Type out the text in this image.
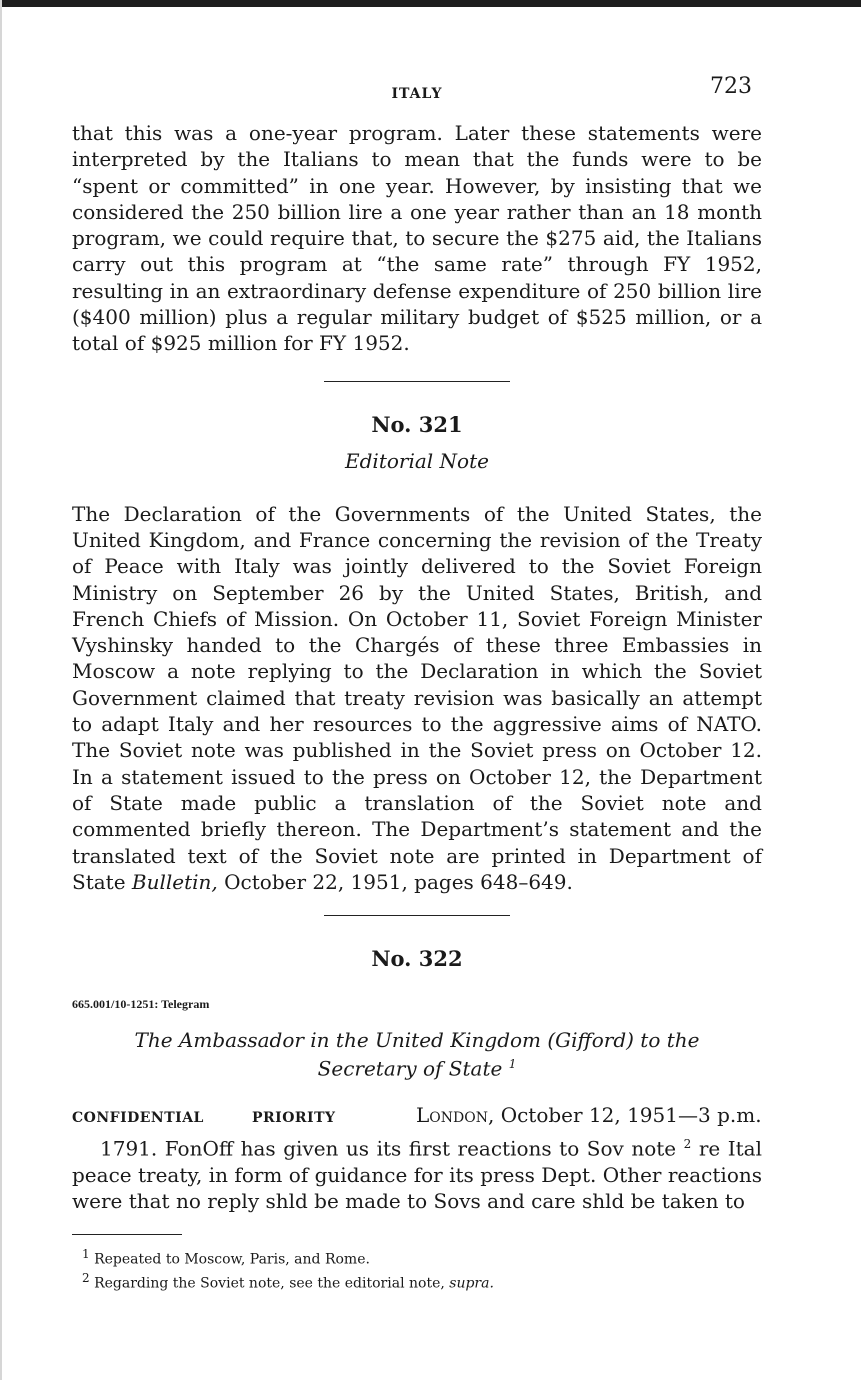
ITALY	723

that this was a one-year program. Later these statements were interpreted by the Italians to mean that the funds were to be “spent or committed” in one year. However, by insisting that we considered the 250 billion lire a one year rather than an 18 month program, we could require that, to secure the $275 aid, the Italians carry out this program at “the same rate” through FY 1952, resulting in an extraordinary defense expenditure of 250 billion lire ($400 million) plus a regular military budget of $525 million, or a total of $925 million for FY 1952.

No. 321
Editorial Note

The Declaration of the Governments of the United States, the United Kingdom, and France concerning the revision of the Treaty of Peace with Italy was jointly delivered to the Soviet Foreign Ministry on September 26 by the United States, British, and French Chiefs of Mission. On October 11, Soviet Foreign Minister Vyshinsky handed to the Chargés of these three Embassies in Moscow a note replying to the Declaration in which the Soviet Government claimed that treaty revision was basically an attempt to adapt Italy and her resources to the aggressive aims of NATO. The Soviet note was published in the Soviet press on October 12. In a statement issued to the press on October 12, the Department of State made public a translation of the Soviet note and commented briefly thereon. The Department’s statement and the translated text of the Soviet note are printed in Department of State Bulletin, October 22, 1951, pages 648–649.

No. 322
665.001/10-1251: Telegram
The Ambassador in the United Kingdom (Gifford) to the Secretary of State $^1$
CONFIDENTIAL	PRIORITY	London,
October 12, 1951—3 p.m.

1791. FonOff has given us its first reactions to Sov note $^2$ re Ital peace treaty, in form of guidance for its press Dept. Other reactions were that no reply shld be made to Sovs and care shld be taken to

$^1$ Repeated to Moscow, Paris, and Rome.
$^2$ Regarding the Soviet note, see the editorial note, supra.
